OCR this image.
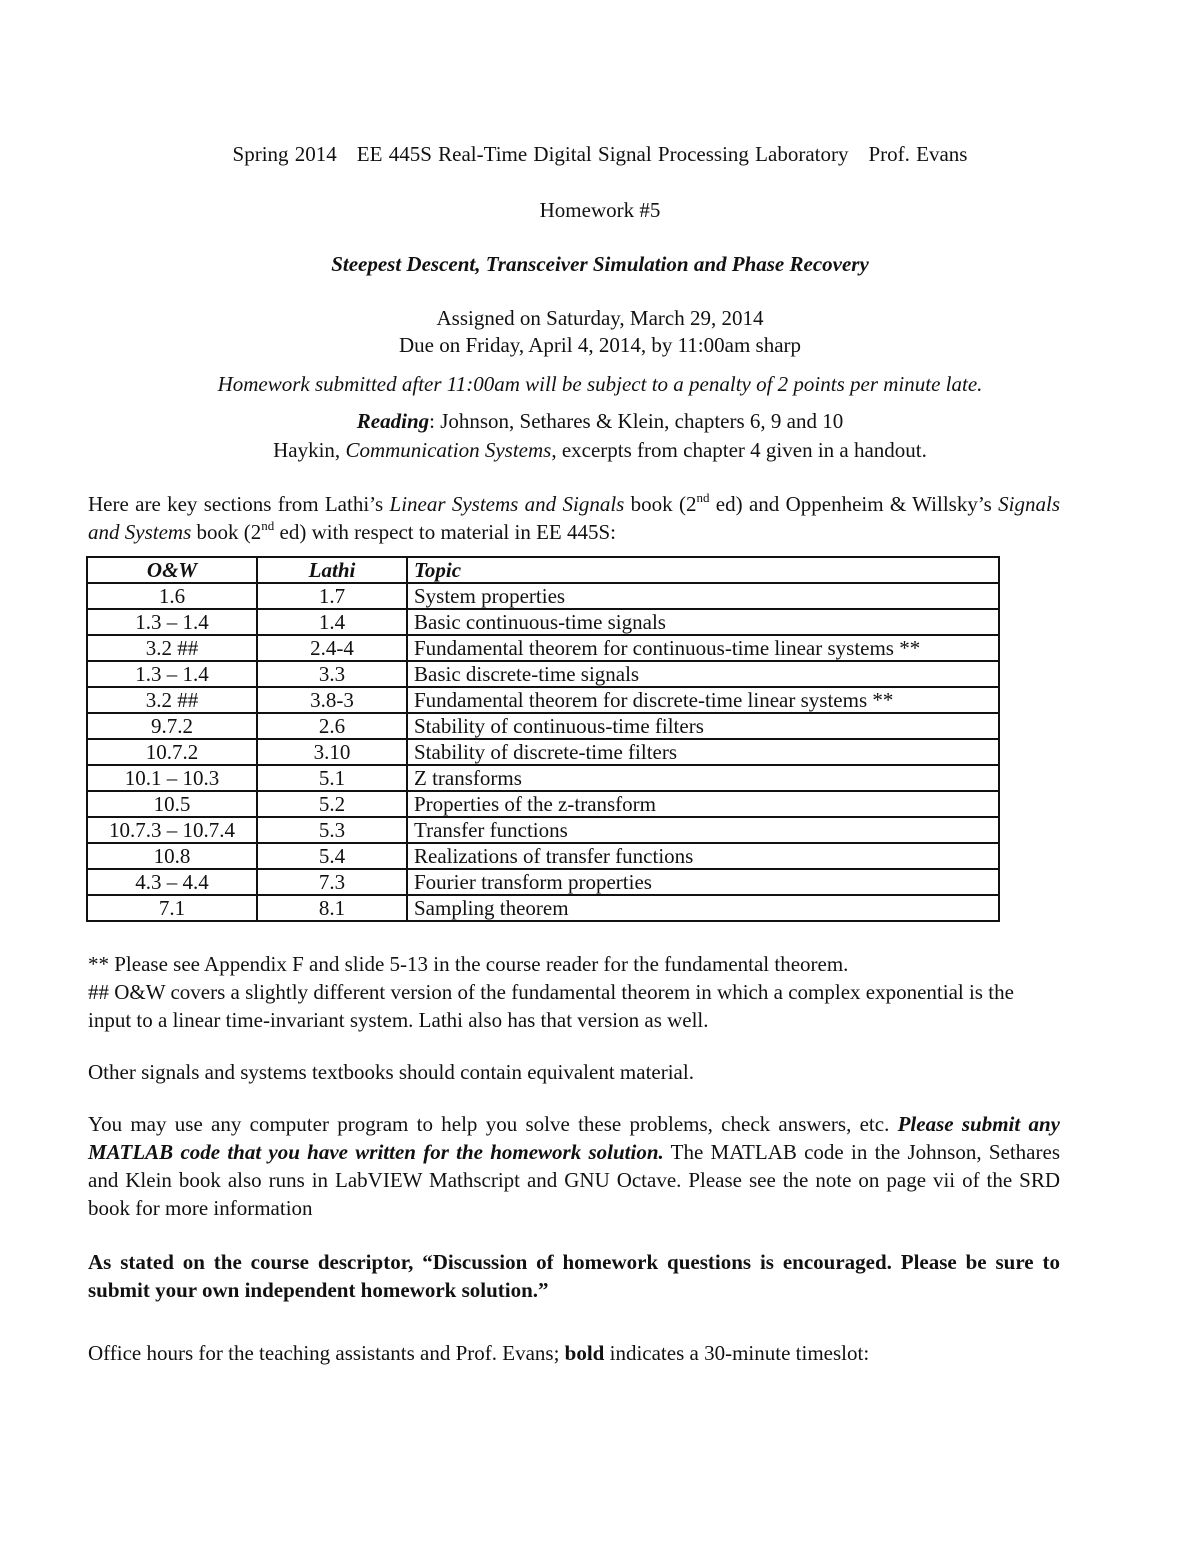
Spring 2014 EE 445S Real-Time Digital Signal Processing Laboratory Prof. Evans
Homework #5
Steepest Descent, Transceiver Simulation and Phase Recovery
Assigned on Saturday, March 29, 2014
Due on Friday, April 4, 2014, by 11:00am sharp
Homework submitted after 11:00am will be subject to a penalty of 2 points per minute late.
Reading: Johnson, Sethares & Klein, chapters 6, 9 and 10
Haykin, Communication Systems, excerpts from chapter 4 given in a handout.
Here are key sections from Lathi’s Linear Systems and Signals book (2nd ed) and Oppenheim & Willsky’s Signals and Systems book (2nd ed) with respect to material in EE 445S:
O&W	Lathi	Topic
1.6	1.7	System properties
1.3 – 1.4	1.4	Basic continuous-time signals
3.2 ##	2.4-4	Fundamental theorem for continuous-time linear systems **
1.3 – 1.4	3.3	Basic discrete-time signals
3.2 ##	3.8-3	Fundamental theorem for discrete-time linear systems **
9.7.2	2.6	Stability of continuous-time filters
10.7.2	3.10	Stability of discrete-time filters
10.1 – 10.3	5.1	Z transforms
10.5	5.2	Properties of the z-transform
10.7.3 – 10.7.4	5.3	Transfer functions
10.8	5.4	Realizations of transfer functions
4.3 – 4.4	7.3	Fourier transform properties
7.1	8.1	Sampling theorem
** Please see Appendix F and slide 5-13 in the course reader for the fundamental theorem.
## O&W covers a slightly different version of the fundamental theorem in which a complex exponential is the input to a linear time-invariant system. Lathi also has that version as well.
Other signals and systems textbooks should contain equivalent material.
You may use any computer program to help you solve these problems, check answers, etc. Please submit any MATLAB code that you have written for the homework solution. The MATLAB code in the Johnson, Sethares and Klein book also runs in LabVIEW Mathscript and GNU Octave. Please see the note on page vii of the SRD book for more information
As stated on the course descriptor, “Discussion of homework questions is encouraged. Please be sure to submit your own independent homework solution.”
Office hours for the teaching assistants and Prof. Evans; bold indicates a 30-minute timeslot:
